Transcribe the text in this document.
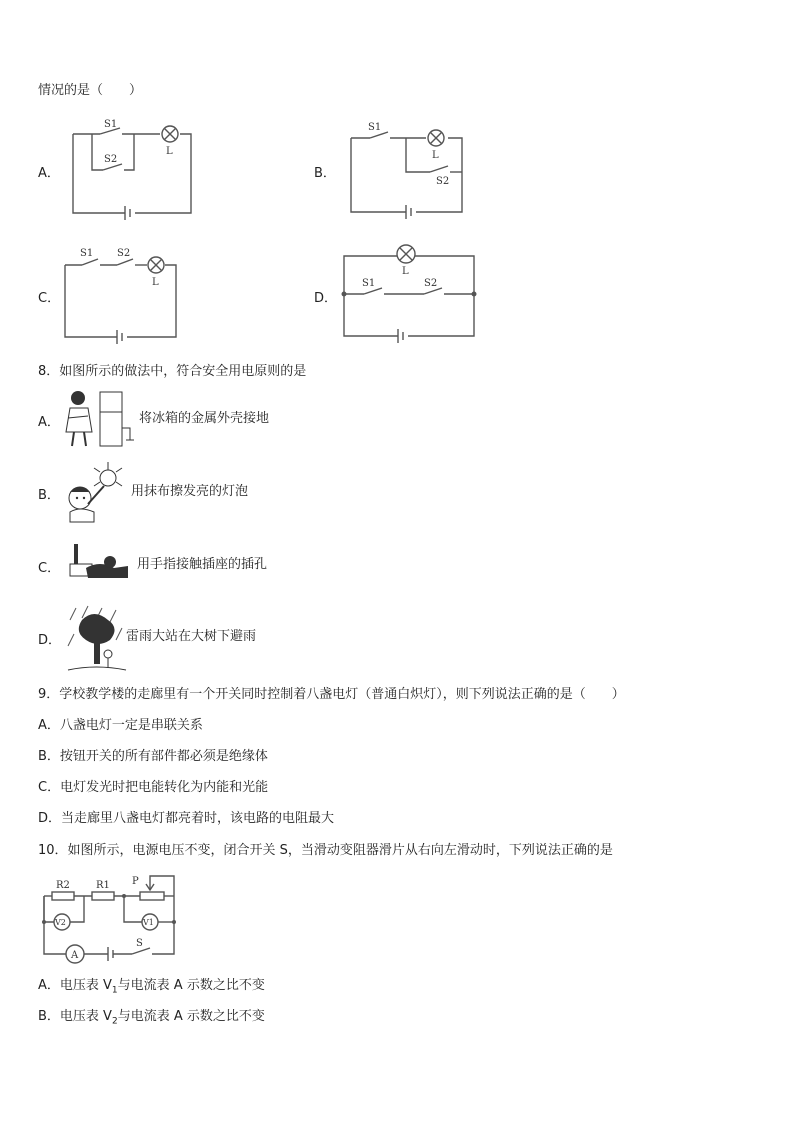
情况的是（　　）
A．
S1
S2
L
B．
S1
S2
L
C．
S1 S2
L
D．
S1	S2
L
8．如图所示的做法中，符合安全用电原则的是
A．	将冰箱的金属外壳接地
B．	用抹布擦发亮的灯泡
C．	用手指接触插座的插孔
D．	雷雨大站在大树下避雨
9．学校教学楼的走廊里有一个开关同时控制着八盏电灯（普通白炽灯），则下列说法正确的是（　　）
A．八盏电灯一定是串联关系
B．按钮开关的所有部件都必须是绝缘体
C．电灯发光时把电能转化为内能和光能
D．当走廊里八盏电灯都亮着时，该电路的电阻最大
10．如图所示，电源电压不变，闭合开关 S，当滑动变阻器滑片从右向左滑动时，下列说法正确的是
A
R2	R1 P
V2	V1
S
A．电压表 $V_1$与电流表 A 示数之比不变
B．电压表 $V_2$与电流表 A 示数之比不变
